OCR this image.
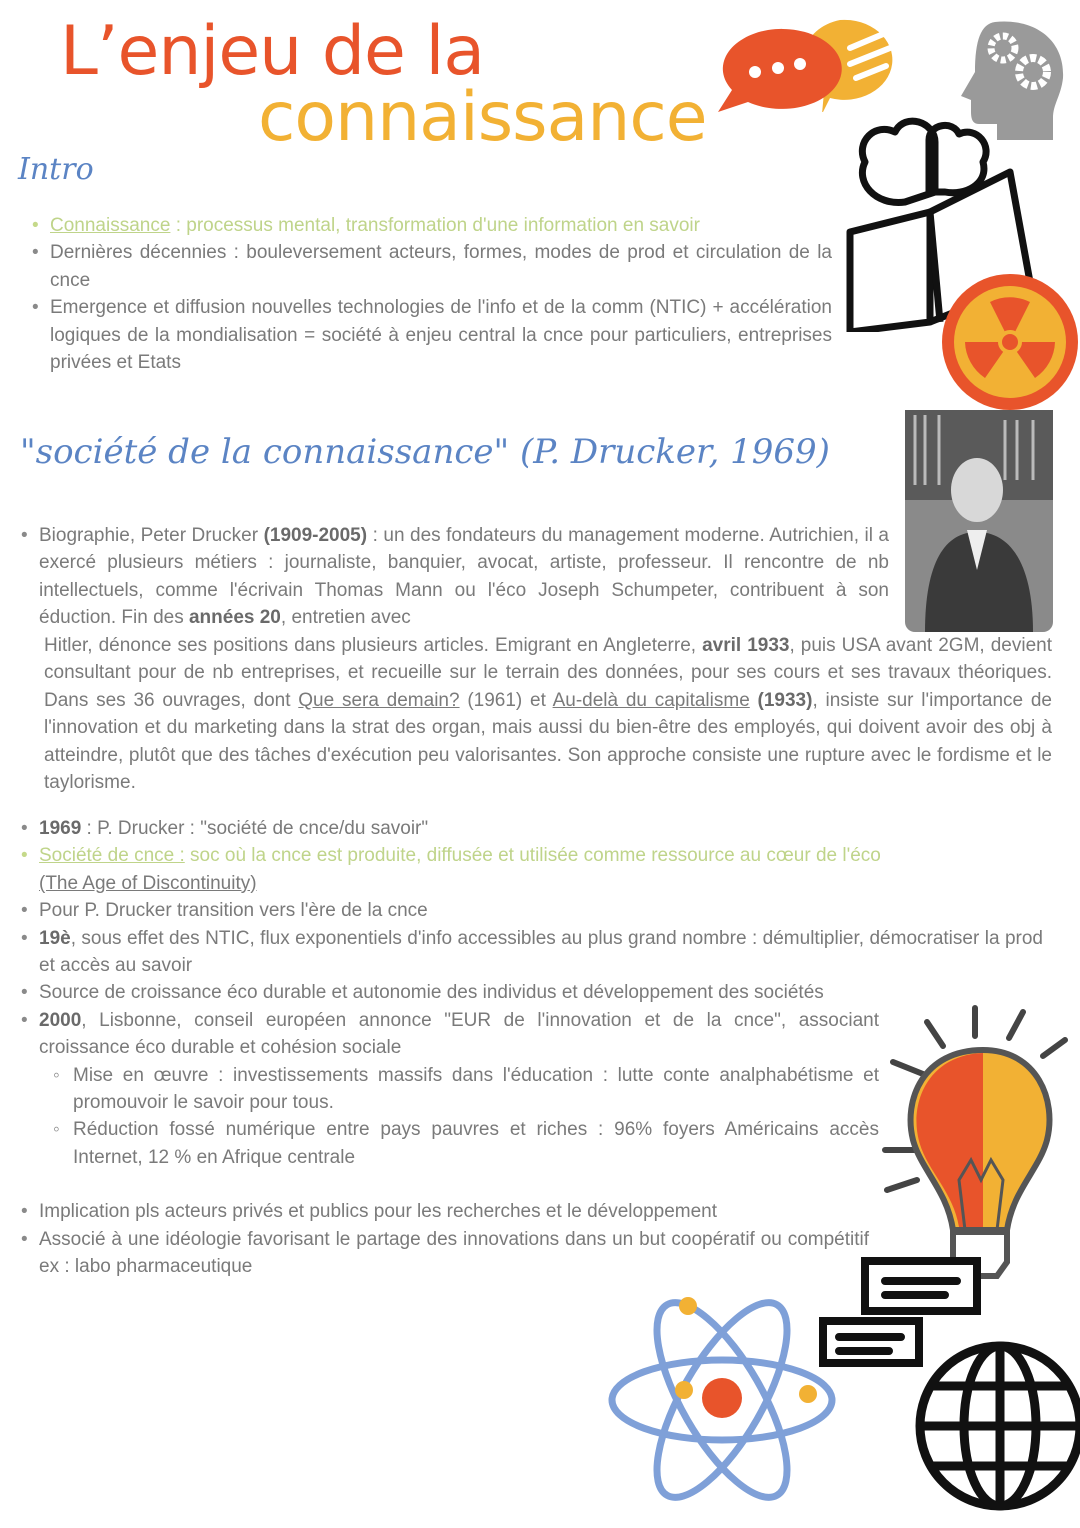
L’enjeu de la
connaissance
Intro
• Connaissance : processus mental, transformation d'une information en savoir
• Dernières décennies : bouleversement acteurs, formes, modes de prod et circulation de la cnce
• Emergence et diffusion nouvelles technologies de l'info et de la comm (NTIC) + accélération logiques de la mondialisation = société à enjeu central la cnce pour particuliers, entreprises privées et Etats
"société de la connaissance" (P. Drucker, 1969)
• Biographie, Peter Drucker (1909-2005) : un des fondateurs du management moderne. Autrichien, il a exercé plusieurs métiers : journaliste, banquier, avocat, artiste, professeur. Il rencontre de nb intellectuels, comme l'écrivain Thomas Mann ou l'éco Joseph Schumpeter, contribuent à son éduction. Fin des années 20, entretien avec
Hitler, dénonce ses positions dans plusieurs articles. Emigrant en Angleterre, avril 1933, puis USA avant 2GM, devient consultant pour de nb entreprises, et recueille sur le terrain des données, pour ses cours et ses travaux théoriques. Dans ses 36 ouvrages, dont Que sera demain? (1961) et Au-delà du capitalisme (1933), insiste sur l'importance de l'innovation et du marketing dans la strat des organ, mais aussi du bien-être des employés, qui doivent avoir des obj à atteindre, plutôt que des tâches d'exécution peu valorisantes. Son approche consiste une rupture avec le fordisme et le taylorisme.
• 1969 : P. Drucker : "société de cnce/du savoir"
• Société de cnce : soc où la cnce est produite, diffusée et utilisée comme ressource au cœur de l'éco
(The Age of Discontinuity)
• Pour P. Drucker transition vers l'ère de la cnce
• 19è, sous effet des NTIC, flux exponentiels d'info accessibles au plus grand nombre : démultiplier, démocratiser la prod et accès au savoir
• Source de croissance éco durable et autonomie des individus et développement des sociétés
• 2000, Lisbonne, conseil européen annonce "EUR de l'innovation et de la cnce", associant croissance éco durable et cohésion sociale
◦ Mise en œuvre : investissements massifs dans l'éducation : lutte conte analphabétisme et promouvoir le savoir pour tous.
◦ Réduction fossé numérique entre pays pauvres et riches : 96% foyers Américains accès Internet, 12 % en Afrique centrale
• Implication pls acteurs privés et publics pour les recherches et le développement
• Associé à une idéologie favorisant le partage des innovations dans un but coopératif ou compétitif ex : labo pharmaceutique
